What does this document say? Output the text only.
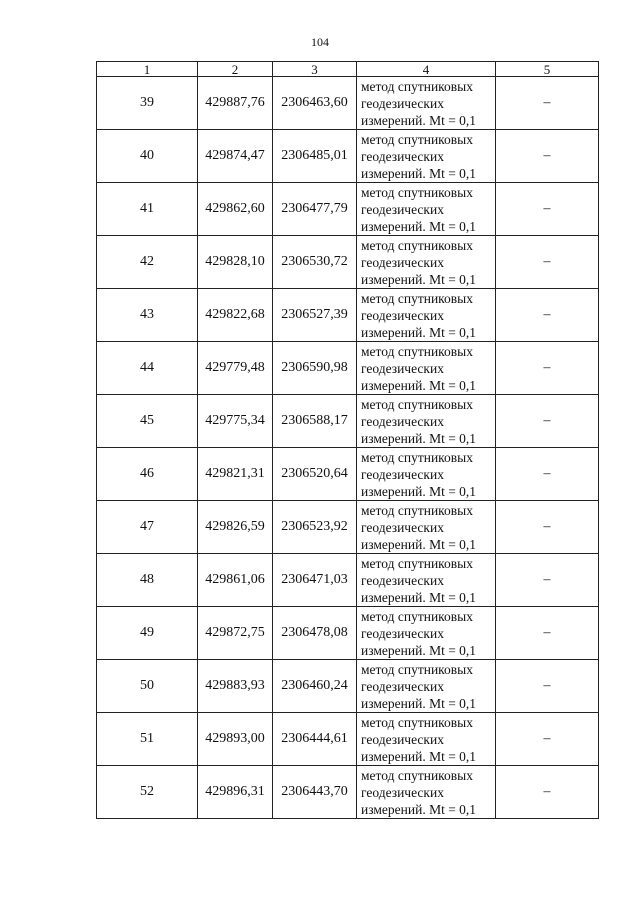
104
1	2	3	4	5
39	429887,76	2306463,60	метод спутниковых
геодезических
измерений. Mt = 0,1	–
40	429874,47	2306485,01	метод спутниковых
геодезических
измерений. Mt = 0,1	–
41	429862,60	2306477,79	метод спутниковых
геодезических
измерений. Mt = 0,1	–
42	429828,10	2306530,72	метод спутниковых
геодезических
измерений. Mt = 0,1	–
43	429822,68	2306527,39	метод спутниковых
геодезических
измерений. Mt = 0,1	–
44	429779,48	2306590,98	метод спутниковых
геодезических
измерений. Mt = 0,1	–
45	429775,34	2306588,17	метод спутниковых
геодезических
измерений. Mt = 0,1	–
46	429821,31	2306520,64	метод спутниковых
геодезических
измерений. Mt = 0,1	–
47	429826,59	2306523,92	метод спутниковых
геодезических
измерений. Mt = 0,1	–
48	429861,06	2306471,03	метод спутниковых
геодезических
измерений. Mt = 0,1	–
49	429872,75	2306478,08	метод спутниковых
геодезических
измерений. Mt = 0,1	–
50	429883,93	2306460,24	метод спутниковых
геодезических
измерений. Mt = 0,1	–
51	429893,00	2306444,61	метод спутниковых
геодезических
измерений. Mt = 0,1	–
52	429896,31	2306443,70	метод спутниковых
геодезических
измерений. Mt = 0,1	–
